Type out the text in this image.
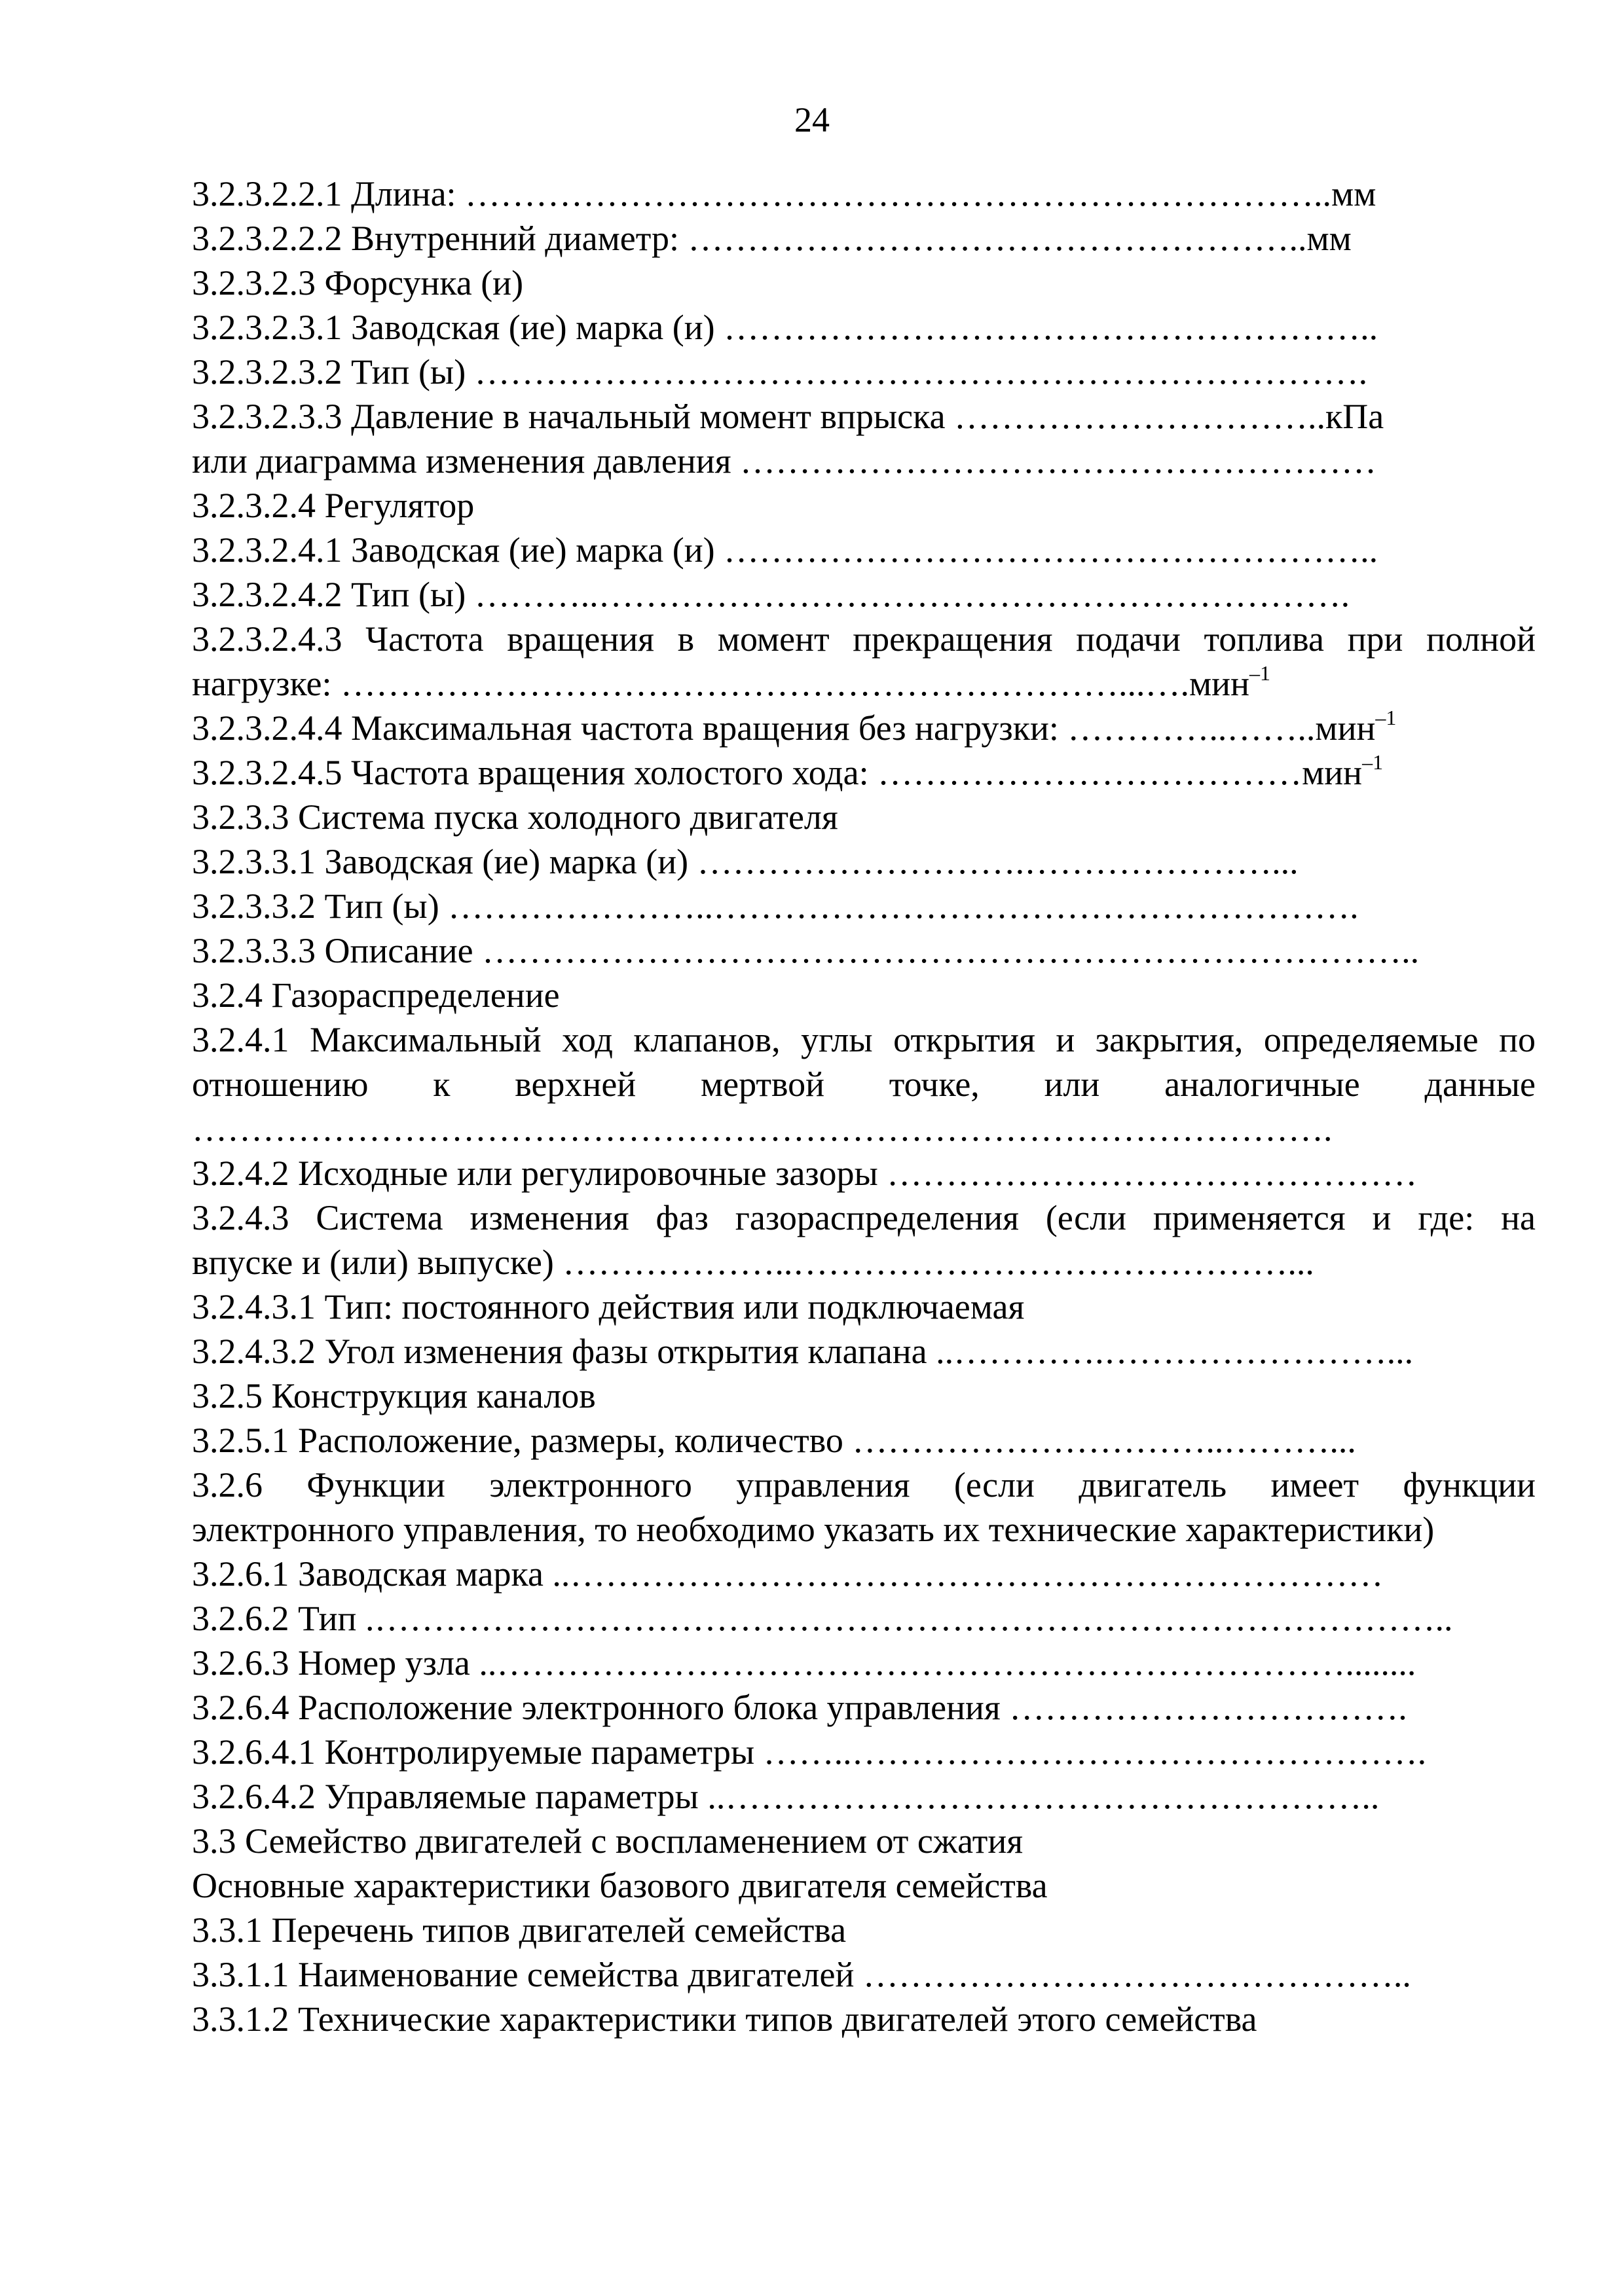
24
3.2.3.2.2.1 Длина: ………………………………………………………………..мм
3.2.3.2.2.2 Внутренний диаметр: ……………………………………………..мм
3.2.3.2.3 Форсунка (и)
3.2.3.2.3.1 Заводская (ие) марка (и) ………………………………………………..
3.2.3.2.3.2 Тип (ы) ………………………………………………………………….
3.2.3.2.3.3 Давление в начальный момент впрыска …………………………..кПа
или диаграмма изменения давления ………………………………………………
3.2.3.2.4 Регулятор
3.2.3.2.4.1 Заводская (ие) марка (и) ………………………………………………..
3.2.3.2.4.2 Тип (ы) ………..……………………………………………………….
3.2.3.2.4.3 Частота вращения в момент прекращения подачи топлива при полной
нагрузке: …………………………………………………………...….мин$^{-1}$
3.2.3.2.4.4 Максимальная частота вращения без нагрузки: …………..……..мин$^{-1}$
3.2.3.2.4.5 Частота вращения холостого хода: ………………………………мин$^{-1}$
3.2.3.3 Система пуска холодного двигателя
3.2.3.3.1 Заводская (ие) марка (и) ……………………….…………………...
3.2.3.3.2 Тип (ы) …………………..……………………………………………….
3.2.3.3.3 Описание ……………………………………………………………………..
3.2.4 Газораспределение
3.2.4.1 Максимальный ход клапанов, углы открытия и закрытия, определяемые по
отношению к верхней мертвой точке, или аналогичные данные
…………………………………………………………………………………….
3.2.4.2 Исходные или регулировочные зазоры ………………………………………
3.2.4.3 Система изменения фаз газораспределения (если применяется и где: на
впуске и (или) выпуске) ………………..……………………………………...
3.2.4.3.1 Тип: постоянного действия или подключаемая
3.2.4.3.2 Угол изменения фазы открытия клапана ..………….……………………...
3.2.5 Конструкция каналов
3.2.5.1 Расположение, размеры, количество …………………………..………...
3.2.6 Функции электронного управления (если двигатель имеет функции
электронного управления, то необходимо указать их технические характеристики)
3.2.6.1 Заводская марка ..……………………………………………………………
3.2.6.2 Тип .………………………………………………………………………………..
3.2.6.3 Номер узла ..………………………………………………………………........
3.2.6.4 Расположение электронного блока управления …………………………….
3.2.6.4.1 Контролируемые параметры ……..………………………………………….
3.2.6.4.2 Управляемые параметры ..………………………………………………..
3.3 Семейство двигателей с воспламенением от сжатия
Основные характеристики базового двигателя семейства
3.3.1 Перечень типов двигателей семейства
3.3.1.1 Наименование семейства двигателей ………………………………………..
3.3.1.2 Технические характеристики типов двигателей этого семейства
